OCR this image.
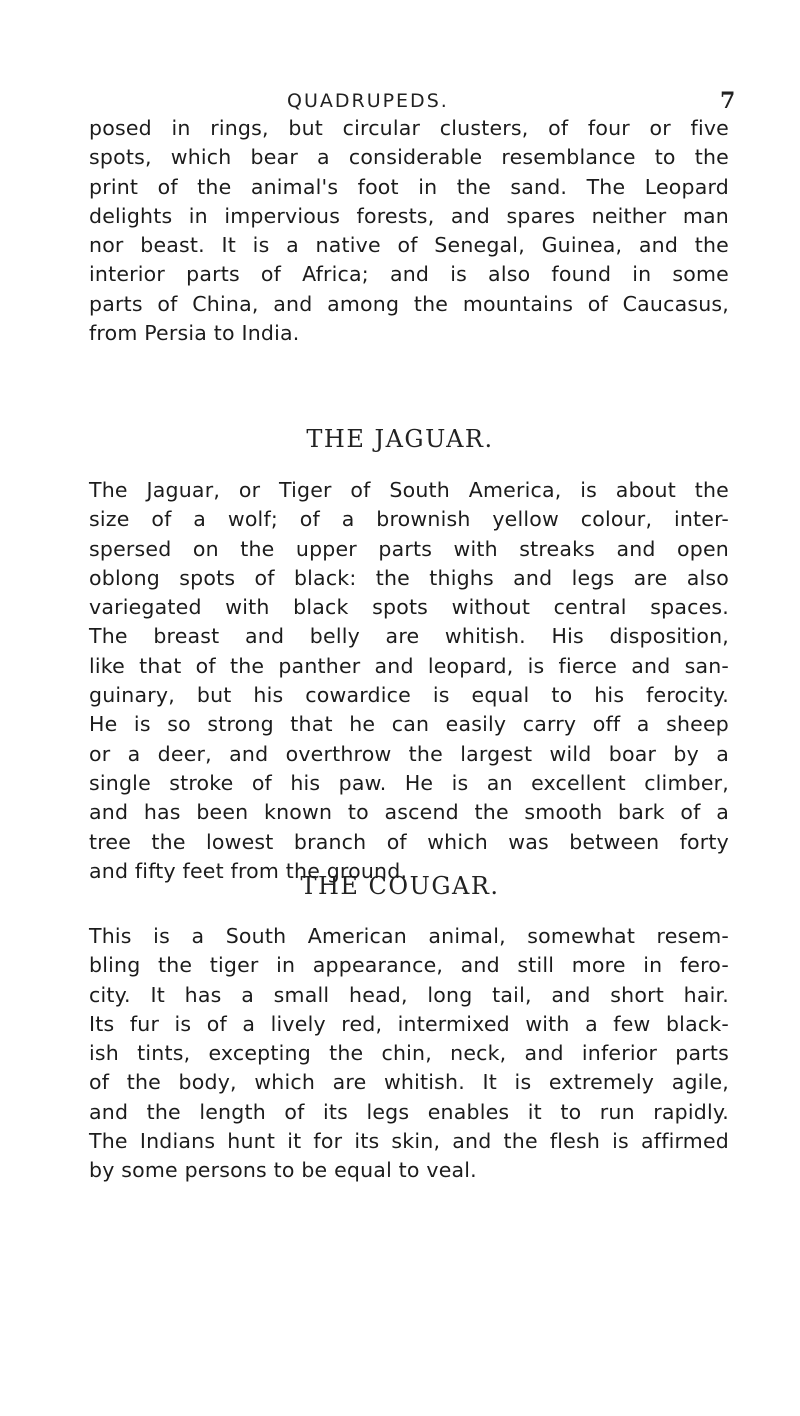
QUADRUPEDS.	7
posed in rings, but circular clusters, of four or five
spots, which bear a considerable resemblance to the
print of the animal's foot in the sand. The Leopard
delights in impervious forests, and spares neither man
nor beast. It is a native of Senegal, Guinea, and the
interior parts of Africa; and is also found in some
parts of China, and among the mountains of Caucasus,
from Persia to India.
THE JAGUAR.
The Jaguar, or Tiger of South America, is about the
size of a wolf; of a brownish yellow colour, inter-
spersed on the upper parts with streaks and open
oblong spots of black: the thighs and legs are also
variegated with black spots without central spaces.
The breast and belly are whitish. His disposition,
like that of the panther and leopard, is fierce and san-
guinary, but his cowardice is equal to his ferocity.
He is so strong that he can easily carry off a sheep
or a deer, and overthrow the largest wild boar by a
single stroke of his paw. He is an excellent climber,
and has been known to ascend the smooth bark of a
tree the lowest branch of which was between forty
and fifty feet from the ground.
THE COUGAR.
This is a South American animal, somewhat resem-
bling the tiger in appearance, and still more in fero-
city. It has a small head, long tail, and short hair.
Its fur is of a lively red, intermixed with a few black-
ish tints, excepting the chin, neck, and inferior parts
of the body, which are whitish. It is extremely agile,
and the length of its legs enables it to run rapidly.
The Indians hunt it for its skin, and the flesh is affirmed
by some persons to be equal to veal.
